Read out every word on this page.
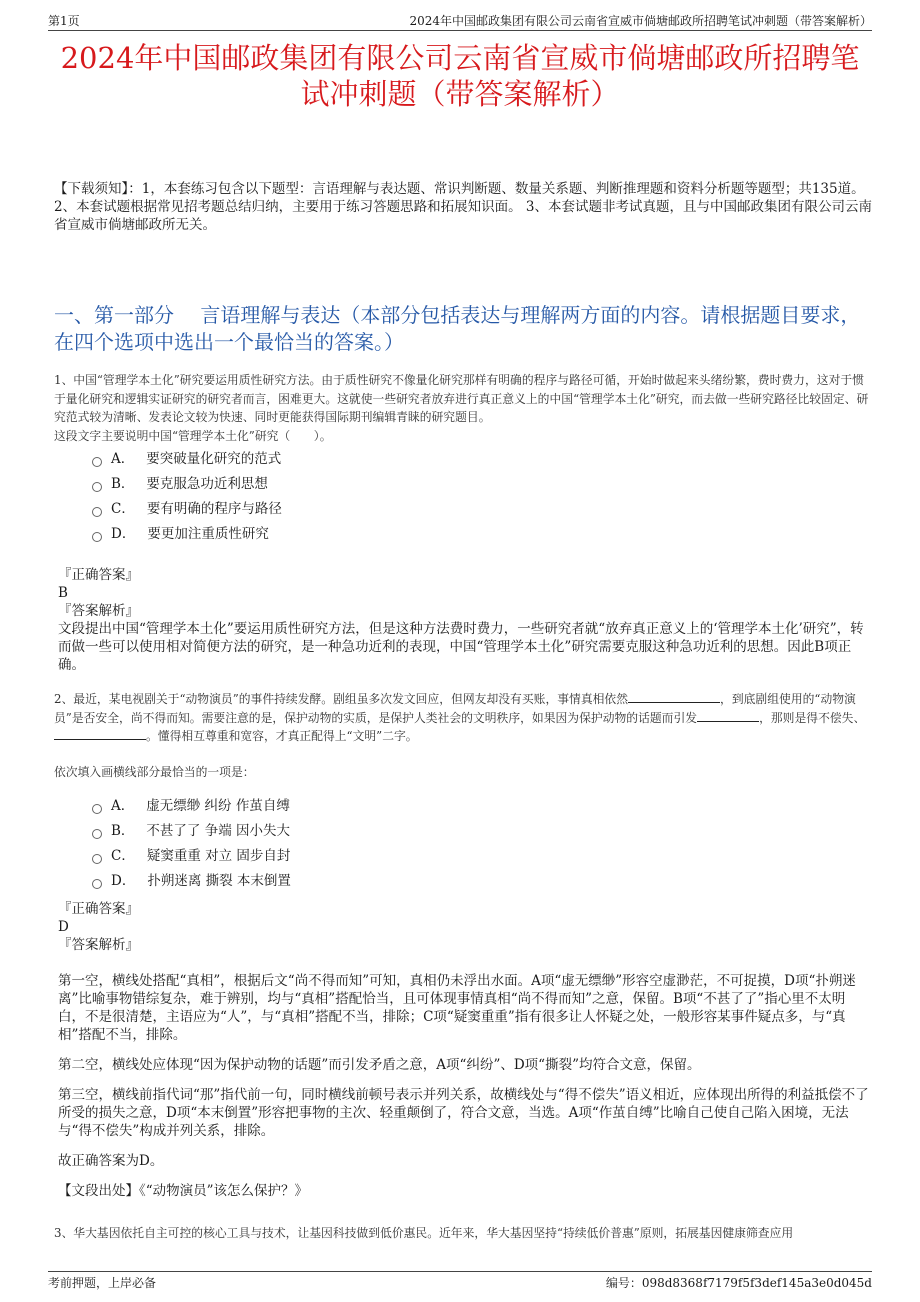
第1页	2024年中国邮政集团有限公司云南省宣威市倘塘邮政所招聘笔试冲刺题（带答案解析）
2024年中国邮政集团有限公司云南省宣威市倘塘邮政所招聘笔
试冲刺题（带答案解析）
【下载须知】：1，本套练习包含以下题型：言语理解与表达题、常识判断题、数量关系题、判断推理题和资料分析题等题型；共135道。 2、本套试题根据常见招考题总结归纳，主要用于练习答题思路和拓展知识面。 3、本套试题非考试真题，且与中国邮政集团有限公司云南省宣威市倘塘邮政所无关。
一、第一部分　 言语理解与表达（本部分包括表达与理解两方面的内容。请根据题目要求，在四个选项中选出一个最恰当的答案。）
1、中国“管理学本土化”研究要运用质性研究方法。由于质性研究不像量化研究那样有明确的程序与路径可循，开始时做起来头绪纷繁，费时费力，这对于惯于量化研究和逻辑实证研究的研究者而言，困难更大。这就使一些研究者放弃进行真正意义上的中国“管理学本土化”研究，而去做一些研究路径比较固定、研究范式较为清晰、发表论文较为快速、同时更能获得国际期刊编辑青睐的研究题目。
这段文字主要说明中国“管理学本土化”研究（　　）。
A． 要突破量化研究的范式
B． 要克服急功近利思想
C． 要有明确的程序与路径
D． 要更加注重质性研究
『正确答案』
B
『答案解析』
文段提出中国“管理学本土化”要运用质性研究方法，但是这种方法费时费力，一些研究者就“放弃真正意义上的‘管理学本土化’研究”，转而做一些可以使用相对简便方法的研究，是一种急功近利的表现，中国“管理学本土化”研究需要克服这种急功近利的思想。因此B项正确。
2、最近，某电视剧关于“动物演员”的事件持续发酵。剧组虽多次发文回应，但网友却没有买账，事情真相依然	，到底剧组使用的“动物演员”是否安全，尚不得而知。需要注意的是，保护动物的实质，是保护人类社会的文明秩序，如果因为保护动物的话题而引发	，那则是得不偿失、。懂得相互尊重和宽容，才真正配得上“文明”二字。
依次填入画横线部分最恰当的一项是：
A． 虚无缥缈 纠纷 作茧自缚
B． 不甚了了 争端 因小失大
C． 疑窦重重 对立 固步自封
D． 扑朔迷离 撕裂 本末倒置
『正确答案』
D
『答案解析』

第一空，横线处搭配“真相”，根据后文“尚不得而知”可知，真相仍未浮出水面。A项“虚无缥缈”形容空虚渺茫，不可捉摸，D项“扑朔迷离”比喻事物错综复杂，难于辨别，均与“真相”搭配恰当，且可体现事情真相“尚不得而知”之意，保留。B项“不甚了了”指心里不太明白，不是很清楚，主语应为“人”，与“真相”搭配不当，排除；C项“疑窦重重”指有很多让人怀疑之处，一般形容某事件疑点多，与“真相”搭配不当，排除。

第二空，横线处应体现“因为保护动物的话题”而引发矛盾之意，A项“纠纷”、D项“撕裂”均符合文意，保留。

第三空，横线前指代词“那”指代前一句，同时横线前顿号表示并列关系，故横线处与“得不偿失”语义相近，应体现出所得的利益抵偿不了所受的损失之意，D项“本末倒置”形容把事物的主次、轻重颠倒了，符合文意，当选。A项“作茧自缚”比喻自己使自己陷入困境，无法与“得不偿失”构成并列关系，排除。

故正确答案为D。

【文段出处】《“动物演员”该怎么保护？》

3、华大基因依托自主可控的核心工具与技术，让基因科技做到低价惠民。近年来，华大基因坚持“持续低价普惠”原则，拓展基因健康筛查应用
考前押题，上岸必备	编号：098d8368f7179f5f3def145a3e0d045d
